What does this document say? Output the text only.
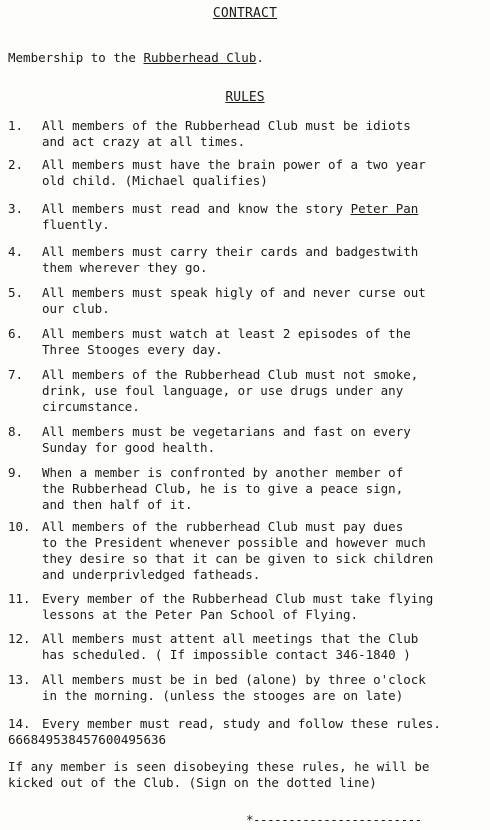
CONTRACT
Membership to the Rubberhead Club.
RULES
1. All members of the Rubberhead Club must be idiots
and act crazy at all times.
2. All members must have the brain power of a two year
old child. (Michael qualifies)
3. All members must read and know the story Peter Pan
fluently.
4. All members must carry their cards and badgestwith
them wherever they go.
5. All members must speak higly of and never curse out
our club.
6. All members must watch at least 2 episodes of the
Three Stooges every day.
7. All members of the Rubberhead Club must not smoke,
drink, use foul language, or use drugs under any
circumstance.
8. All members must be vegetarians and fast on every
Sunday for good health.
9. When a member is confronted by another member of
the Rubberhead Club, he is to give a peace sign,
and then half of it.
10. All members of the rubberhead Club must pay dues
to the President whenever possible and however much
they desire so that it can be given to sick children
and underprivledged fatheads.
11. Every member of the Rubberhead Club must take flying
lessons at the Peter Pan School of Flying.
12. All members must attent all meetings that the Club
has scheduled. ( If impossible contact 346-1840 )
13. All members must be in bed (alone) by three o'clock
in the morning. (unless the stooges are on late)
14. Every member must read, study and follow these rules.
666849538457600495636
If any member is seen disobeying these rules, he will be
kicked out of the Club. (Sign on the dotted line)
*------------------------
